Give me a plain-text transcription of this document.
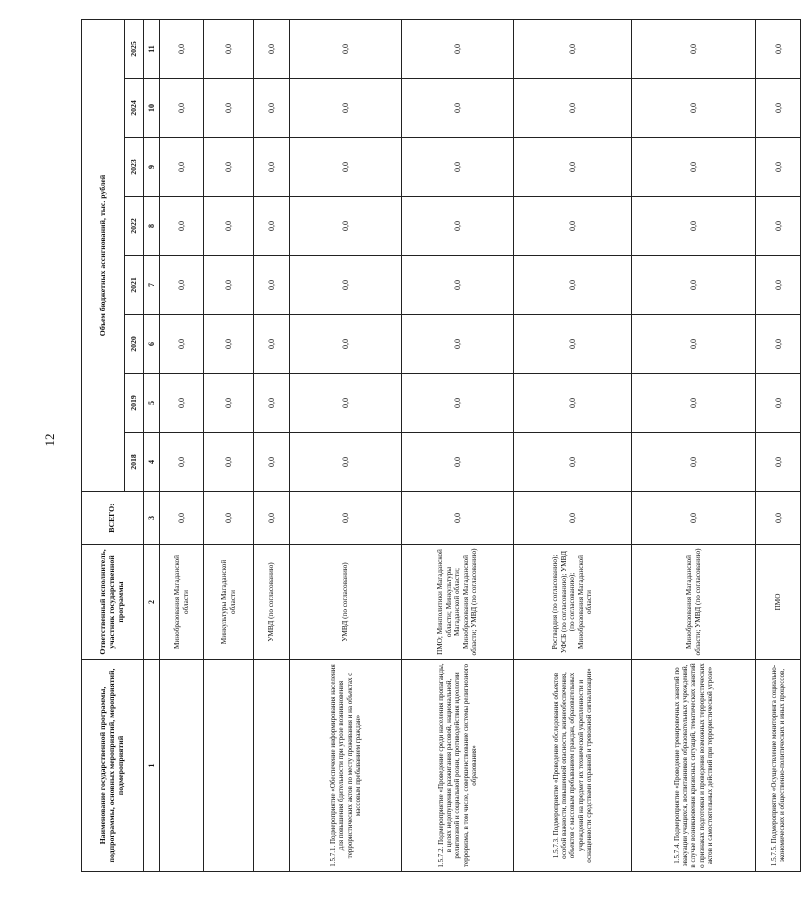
12
Наименование государственной программы, подпрограммы, основных мероприятий, мероприятий, подмероприятий	Ответственный исполнитель, участник государственной программы	ВСЕГО:	Объем бюджетных ассигнований, тыс. рублей							
			2018	2019	2020	2021	2022	2023	2024	2025
1	2	3	4	5	6	7	8	9	10	11
	Минобразования Магаданской области	0,0	0,0	0,0	0,0	0,0	0,0	0,0	0,0	0,0
	Минкультуры Магаданской области	0,0	0,0	0,0	0,0	0,0	0,0	0,0	0,0	0,0
	УМВД (по согласованию)	0,0	0,0	0,0	0,0	0,0	0,0	0,0	0,0	0,0
1.5.7.1. Подмероприятие «Обеспечение информирования населения для повышения бдительности при угрозе возникновения террористических актов по месту проживания и на объектах с массовым пребыванием граждан»	УМВД (по согласованию)	0,0	0,0	0,0	0,0	0,0	0,0	0,0	0,0	0,0
1.5.7.2. Подмероприятие «Проведение среди населения пропаганды, в целях недопущения разжигания расовой, национальной, религиозной и социальной розни, противодействия идеологии терроризма, в том числе, совершенствование системы религиозного образования»	ПМО; Минполитики Магаданской области; Минкультуры Магаданской области; Минобразования Магаданской области; УМВД (по согласованию)	0,0	0,0	0,0	0,0	0,0	0,0	0,0	0,0	0,0
1.5.7.3. Подмероприятие «Проведение обследования объектов особой важности, повышенной опасности, жизнеобеспечения, объектов с массовым пребыванием граждан, образовательных учреждений на предмет их технической укрепленности и оснащенности средствами охранной и тревожной сигнализации»	Росгвардия (по согласованию); УФСБ (по согласованию); УМВД (по согласованию); Минобразования Магаданской области	0,0	0,0	0,0	0,0	0,0	0,0	0,0	0,0	0,0
1.5.7.4. Подмероприятие «Проведение тренировочных занятий по эвакуации учащихся, воспитанников образовательных учреждений, в случае возникновения кризисных ситуаций, тематических занятий о признаках подготовки и проведения возможных террористических актов и самостоятельных действий при террористической угрозе»	Минобразования Магаданской области; УМВД (по согласованию)	0,0	0,0	0,0	0,0	0,0	0,0	0,0	0,0	0,0
1.5.7.5. Подмероприятие «Осуществление мониторинга социально-экономических и общественно-политических и иных процессов,	ПМО	0,0	0,0	0,0	0,0	0,0	0,0	0,0	0,0	0,0
